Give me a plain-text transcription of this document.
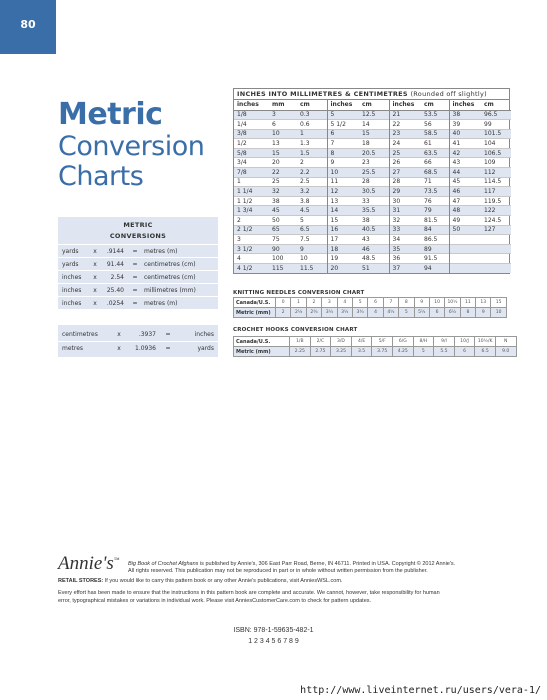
80
Metric
Conversion
Charts
METRIC
CONVERSIONS
yards	x	.9144	=	metres (m)
yards	x	91.44	=	centimetres (cm)
inches	x	2.54	=	centimetres (cm)
inches	x	25.40	=	millimetres (mm)
inches	x	.0254	=	metres (m)
centimetres	x	.3937	=	inches
metres	x	1.0936	=	yards
INCHES INTO MILLIMETRES & CENTIMETRES (Rounded off slightly)
inches	mm	cm	inches	cm	inches	cm	inches	cm
1/8	3	0.3	5	12.5	21	53.5	38	96.5
1/4	6	0.6	5 1/2	14	22	56	39	99
3/8	10	1	6	15	23	58.5	40	101.5
1/2	13	1.3	7	18	24	61	41	104
5/8	15	1.5	8	20.5	25	63.5	42	106.5
3/4	20	2	9	23	26	66	43	109
7/8	22	2.2	10	25.5	27	68.5	44	112
1	25	2.5	11	28	28	71	45	114.5
1 1/4	32	3.2	12	30.5	29	73.5	46	117
1 1/2	38	3.8	13	33	30	76	47	119.5
1 3/4	45	4.5	14	35.5	31	79	48	122
2	50	5	15	38	32	81.5	49	124.5
2 1/2	65	6.5	16	40.5	33	84	50	127
3	75	7.5	17	43	34	86.5		
3 1/2	90	9	18	46	35	89		
4	100	10	19	48.5	36	91.5		
4 1/2	115	11.5	20	51	37	94		
KNITTING NEEDLES CONVERSION CHART
Canada/U.S.	0	1	2	3	4	5	6	7	8	9	10	10½	11	13	15
Metric (mm)	2	2¼	2¾	3¼	3½	3¾	4	4½	5	5½	6	6½	8	9	10
CROCHET HOOKS CONVERSION CHART
Canada/U.S.	1/B	2/C	3/D	4/E	5/F	6/G	8/H	9/I	10/J	10½/K	N
Metric (mm)	2.25	2.75	3.25	3.5	3.75	4.25	5	5.5	6	6.5	9.0
Annie's™
Big Book of Crochet Afghans is published by Annie's, 306 East Parr Road, Berne, IN 46711. Printed in USA. Copyright © 2012 Annie's.
All rights reserved. This publication may not be reproduced in part or in whole without written permission from the publisher.
RETAIL STORES: If you would like to carry this pattern book or any other Annie's publications, visit AnniesWSL.com.
Every effort has been made to ensure that the instructions in this pattern book are complete and accurate. We cannot, however, take responsibility for human
error, typographical mistakes or variations in individual work. Please visit AnniesCustomerCare.com to check for pattern updates.
ISBN: 978-1-59635-482-1
1 2 3 4 5 6 7 8 9
http://www.liveinternet.ru/users/vera-1/
